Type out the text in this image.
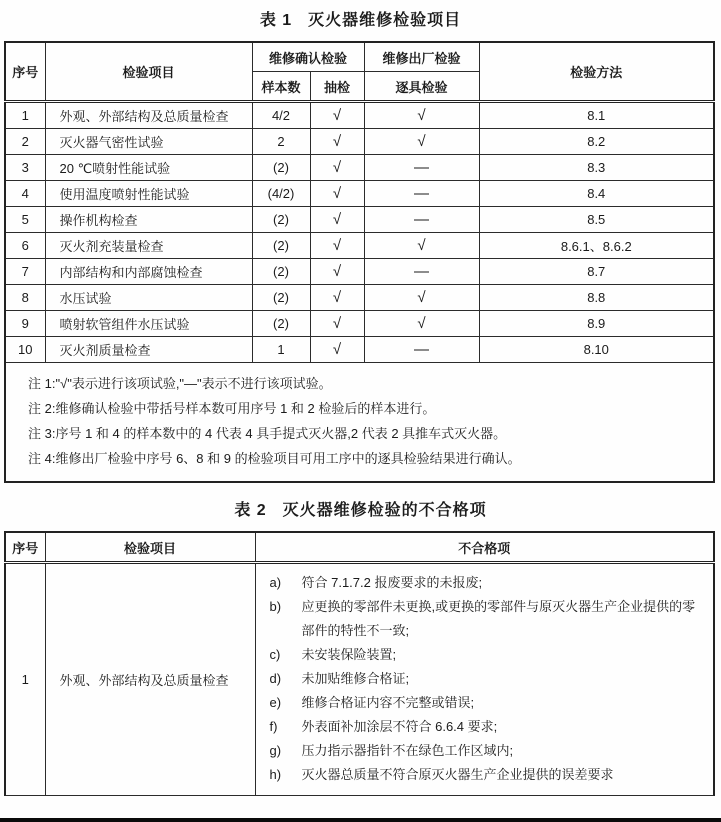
表 1 灭火器维修检验项目
序号	检验项目	维修确认检验		维修出厂检验	检验方法
		样本数	抽检	逐具检验	
1	外观、外部结构及总质量检查	4/2	√	√	8.1
2	灭火器气密性试验	2	√	√	8.2
3	20 ℃喷射性能试验	(2)	√	—	8.3
4	使用温度喷射性能试验	(4/2)	√	—	8.4
5	操作机构检查	(2)	√	—	8.5
6	灭火剂充装量检查	(2)	√	√	8.6.1、8.6.2
7	内部结构和内部腐蚀检查	(2)	√	—	8.7
8	水压试验	(2)	√	√	8.8
9	喷射软管组件水压试验	(2)	√	√	8.9
10	灭火剂质量检查	1	√	—	8.10

注 1:"√"表示进行该项试验,"—"表示不进行该项试验。
注 2:维修确认检验中带括号样本数可用序号 1 和 2 检验后的样本进行。
注 3:序号 1 和 4 的样本数中的 4 代表 4 具手提式灭火器,2 代表 2 具推车式灭火器。
注 4:维修出厂检验中序号 6、8 和 9 的检验项目可用工序中的逐具检验结果进行确认。					
表 2 灭火器维修检验的不合格项
序号	检验项目	不合格项
1	外观、外部结构及总质量检查	
a)	符合 7.1.7.2 报废要求的未报废;
b)	应更换的零部件未更换,或更换的零部件与原灭火器生产企业提供的零部件的特性不一致;
c)	未安装保险装置;
d)	未加贴维修合格证;
e)	维修合格证内容不完整或错误;
f)	外表面补加涂层不符合 6.6.4 要求;
g)	压力指示器指针不在绿色工作区域内;
h)	灭火器总质量不符合原灭火器生产企业提供的误差要求
